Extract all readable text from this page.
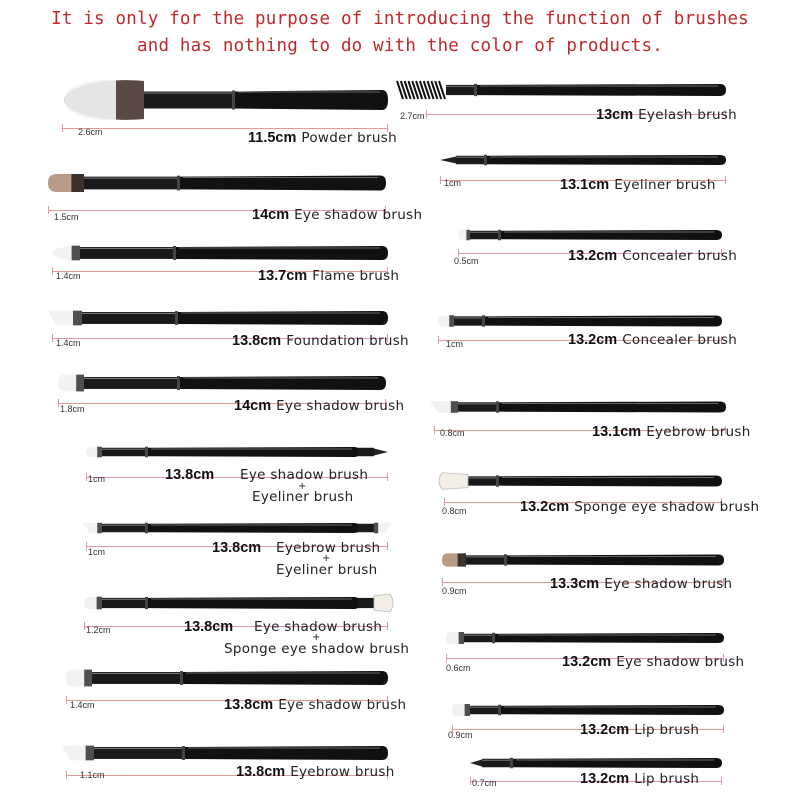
It is only for the purpose of introducing the function of brushes
and has nothing to do with the color of products.
2.6cm	11.5cm Powder brush
1.5cm	14cm Eye shadow brush
1.4cm	13.7cm Flame brush
1.4cm	13.8cm Foundation brush
1.8cm	14cm Eye shadow brush
1cm	13.8cm Eye shadow brush
+
Eyeliner brush
1cm	13.8cm Eyebrow brush
+
Eyeliner brush
1.2cm	13.8cm Eye shadow brush
+
Sponge eye shadow brush
1.4cm	13.8cm Eye shadow brush
1.1cm	13.8cm Eyebrow brush
2.7cm	13cm Eyelash brush
1cm	13.1cm Eyeliner brush
0.5cm	13.2cm Concealer brush
1cm	13.2cm Concealer brush
0.8cm	13.1cm Eyebrow brush
0.8cm	13.2cm Sponge eye shadow brush
0.9cm	13.3cm Eye shadow brush
0.6cm	13.2cm Eye shadow brush
0.9cm	13.2cm Lip brush
0.7cm	13.2cm Lip brush
